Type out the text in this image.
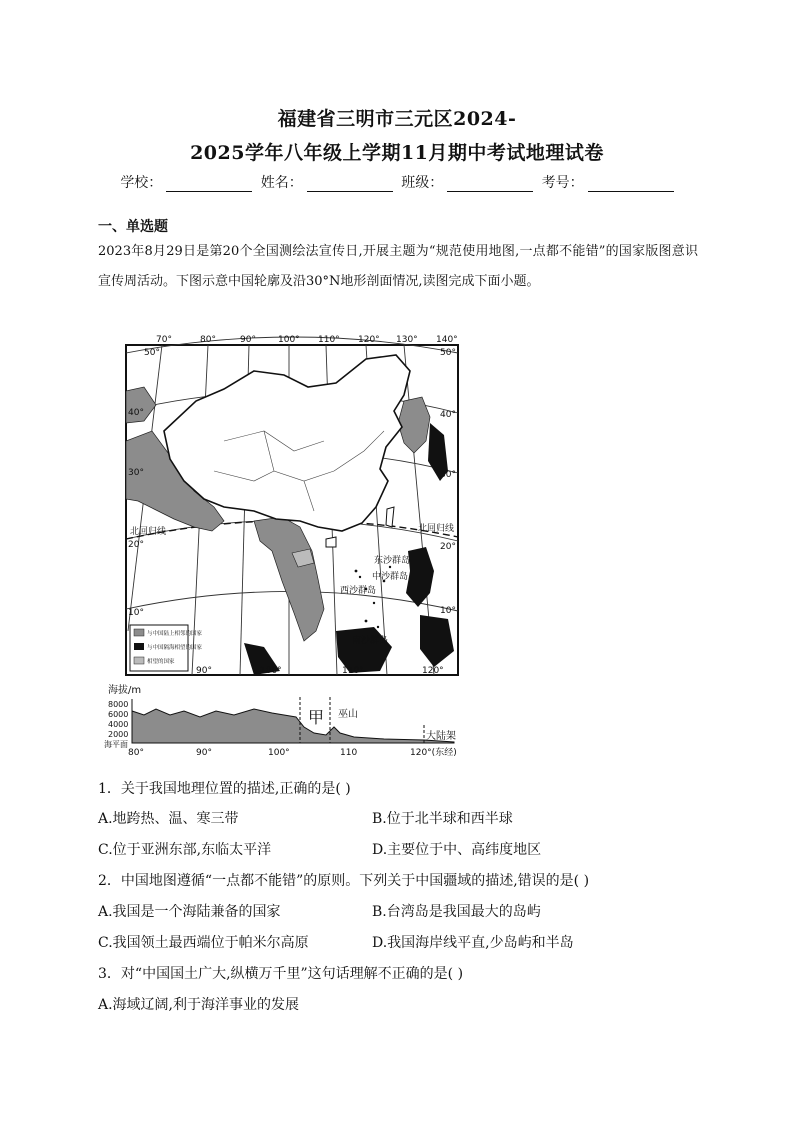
福建省三明市三元区2024-
2025学年八年级上学期11月期中考试地理试卷
学校：	姓名：	班级：	考号：
一、单选题
2023年8月29日是第20个全国测绘法宣传日,开展主题为“规范使用地图,一点都不能错”的国家版图意识宣传周活动。下图示意中国轮廓及沿30°N地形剖面情况,读图完成下面小题。
70°	80°	90° 100° 110° 120° 130° 140°
50°
40°
30°
20°
10°
50°
40°
30°
20°
10°
北回归线	北回归线
东沙群岛
中沙群岛
西沙群岛
南沙群岛
90°	100°	110°	120°
与中国陆上相邻的国家
与中国隔海相望的国家
相望的国家
海拔/m
8000
6000
4000
2000
海平面
甲 巫山
大陆架
80°	90°	100°	110	120°(东经)
1．关于我国地理位置的描述,正确的是( )
A.地跨热、温、寒三带	B.位于北半球和西半球
C.位于亚洲东部,东临太平洋	D.主要位于中、高纬度地区
2．中国地图遵循“一点都不能错”的原则。下列关于中国疆域的描述,错误的是( )
A.我国是一个海陆兼备的国家	B.台湾岛是我国最大的岛屿
C.我国领土最西端位于帕米尔高原	D.我国海岸线平直,少岛屿和半岛
3．对“中国国土广大,纵横万千里”这句话理解不正确的是( )
A.海域辽阔,利于海洋事业的发展
